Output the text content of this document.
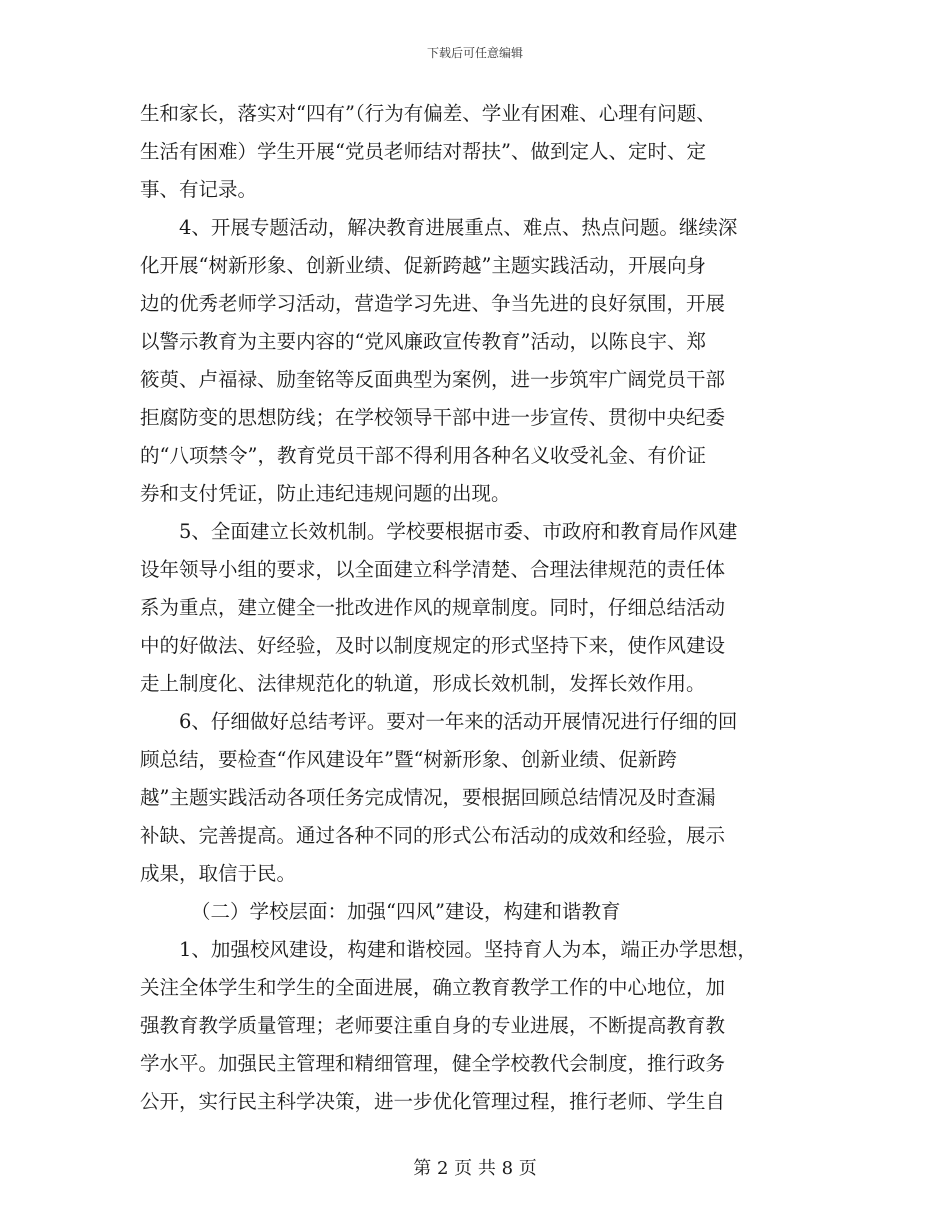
下载后可任意编辑
生和家长，落实对“四有”（行为有偏差、学业有困难、心理有问题、
生活有困难）学生开展“党员老师结对帮扶”、做到定人、定时、定
事、有记录。
4、开展专题活动，解决教育进展重点、难点、热点问题。继续深
化开展“树新形象、创新业绩、促新跨越”主题实践活动，开展向身
边的优秀老师学习活动，营造学习先进、争当先进的良好氛围，开展
以警示教育为主要内容的“党风廉政宣传教育”活动，以陈良宇、郑
筱萸、卢福禄、励奎铭等反面典型为案例，进一步筑牢广阔党员干部
拒腐防变的思想防线；在学校领导干部中进一步宣传、贯彻中央纪委
的“八项禁令”，教育党员干部不得利用各种名义收受礼金、有价证
券和支付凭证，防止违纪违规问题的出现。
5、全面建立长效机制。学校要根据市委、市政府和教育局作风建
设年领导小组的要求，以全面建立科学清楚、合理法律规范的责任体
系为重点，建立健全一批改进作风的规章制度。同时，仔细总结活动
中的好做法、好经验，及时以制度规定的形式坚持下来，使作风建设
走上制度化、法律规范化的轨道，形成长效机制，发挥长效作用。
6、仔细做好总结考评。要对一年来的活动开展情况进行仔细的回
顾总结，要检查“作风建设年”暨“树新形象、创新业绩、促新跨
越”主题实践活动各项任务完成情况，要根据回顾总结情况及时查漏
补缺、完善提高。通过各种不同的形式公布活动的成效和经验，展示
成果，取信于民。
（二）学校层面：加强“四风”建设，构建和谐教育
1、加强校风建设，构建和谐校园。坚持育人为本，端正办学思想，
关注全体学生和学生的全面进展，确立教育教学工作的中心地位，加
强教育教学质量管理；老师要注重自身的专业进展，不断提高教育教
学水平。加强民主管理和精细管理，健全学校教代会制度，推行政务
公开，实行民主科学决策，进一步优化管理过程，推行老师、学生自
第 2 页 共 8 页
